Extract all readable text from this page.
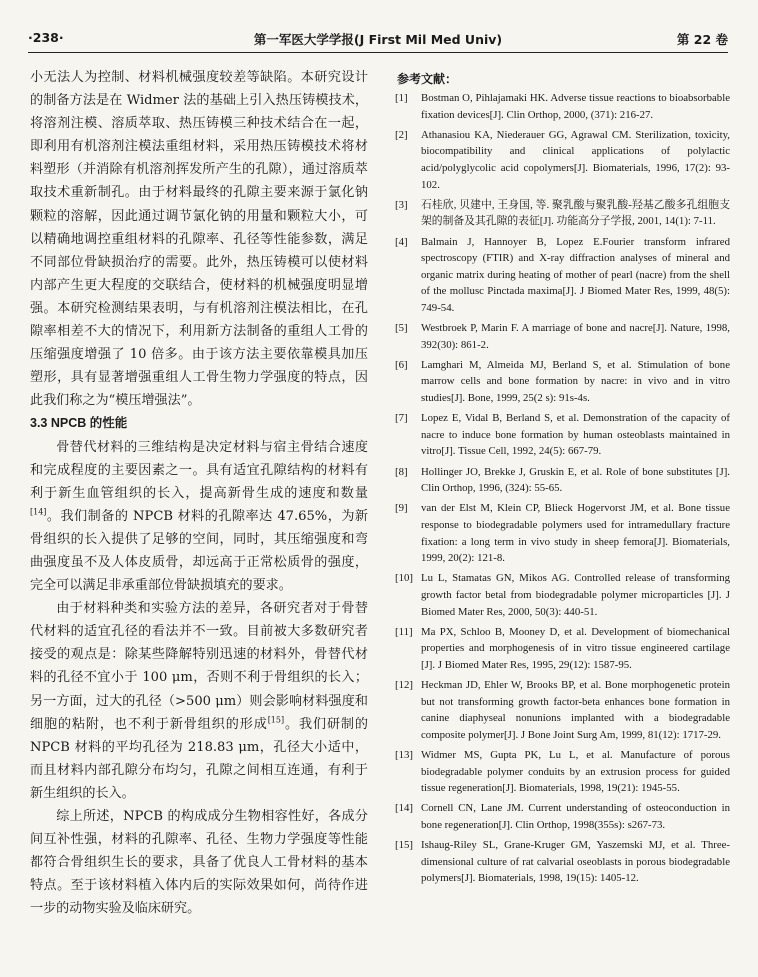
·238·	第一军医大学学报(J First Mil Med Univ)	第 22 卷

小无法人为控制、材料机械强度较差等缺陷。本研究设计的制备方法是在 Widmer 法的基础上引入热压铸模技术，将溶剂注模、溶质萃取、热压铸模三种技术结合在一起，即利用有机溶剂注模法重组材料，采用热压铸模技术将材料塑形（并消除有机溶剂挥发所产生的孔隙），通过溶质萃取技术重新制孔。由于材料最终的孔隙主要来源于氯化钠颗粒的溶解，因此通过调节氯化钠的用量和颗粒大小，可以精确地调控重组材料的孔隙率、孔径等性能参数，满足不同部位骨缺损治疗的需要。此外，热压铸模可以使材料内部产生更大程度的交联结合，使材料的机械强度明显增强。本研究检测结果表明，与有机溶剂注模法相比，在孔隙率相差不大的情况下，利用新方法制备的重组人工骨的压缩强度增强了 10 倍多。由于该方法主要依靠模具加压塑形，具有显著增强重组人工骨生物力学强度的特点，因此我们称之为“模压增强法”。

3.3 NPCB 的性能

骨替代材料的三维结构是决定材料与宿主骨结合速度和完成程度的主要因素之一。具有适宜孔隙结构的材料有利于新生血管组织的长入，提高新骨生成的速度和数量[14]。我们制备的 NPCB 材料的孔隙率达 47.65%，为新骨组织的长入提供了足够的空间，同时，其压缩强度和弯曲强度虽不及人体皮质骨，却远高于正常松质骨的强度，完全可以满足非承重部位骨缺损填充的要求。

由于材料种类和实验方法的差异，各研究者对于骨替代材料的适宜孔径的看法并不一致。目前被大多数研究者接受的观点是：除某些降解特别迅速的材料外，骨替代材料的孔径不宜小于 100 μm，否则不利于骨组织的长入；另一方面，过大的孔径（>500 μm）则会影响材料强度和细胞的粘附，也不利于新骨组织的形成[15]。我们研制的 NPCB 材料的平均孔径为 218.83 μm，孔径大小适中，而且材料内部孔隙分布均匀，孔隙之间相互连通，有利于新生组织的长入。

综上所述，NPCB 的构成成分生物相容性好，各成分间互补性强，材料的孔隙率、孔径、生物力学强度等性能都符合骨组织生长的要求，具备了优良人工骨材料的基本特点。至于该材料植入体内后的实际效果如何，尚待作进一步的动物实验及临床研究。

参考文献：
[1]	Bostman O, Pihlajamaki HK. Adverse tissue reactions to bioabsorbable fixation devices[J]. Clin Orthop, 2000, (371): 216-27.
[2]	Athanasiou KA, Niederauer GG, Agrawal CM. Sterilization, toxicity, biocompatibility and clinical applications of polylactic acid/polyglycolic acid copolymers[J]. Biomaterials, 1996, 17(2): 93-102.
[3]	石桂欣, 贝建中, 王身国, 等. 聚乳酸与聚乳酸-羟基乙酸多孔组胞支架的制备及其孔隙的表征[J]. 功能高分子学报, 2001, 14(1): 7-11.
[4]	Balmain J, Hannoyer B, Lopez E.Fourier transform infrared spectroscopy (FTIR) and X-ray diffraction analyses of mineral and organic matrix during heating of mother of pearl (nacre) from the shell of the mollusc Pinctada maxima[J]. J Biomed Mater Res, 1999, 48(5): 749-54.
[5]	Westbroek P, Marin F. A marriage of bone and nacre[J]. Nature, 1998, 392(30): 861-2.
[6]	Lamghari M, Almeida MJ, Berland S, et al. Stimulation of bone marrow cells and bone formation by nacre: in vivo and in vitro studies[J]. Bone, 1999, 25(2 s): 91s-4s.
[7]	Lopez E, Vidal B, Berland S, et al. Demonstration of the capacity of nacre to induce bone formation by human osteoblasts maintained in vitro[J]. Tissue Cell, 1992, 24(5): 667-79.
[8]	Hollinger JO, Brekke J, Gruskin E, et al. Role of bone substitutes [J]. Clin Orthop, 1996, (324): 55-65.
[9]	van der Elst M, Klein CP, Blieck Hogervorst JM, et al. Bone tissue response to biodegradable polymers used for intramedullary fracture fixation: a long term in vivo study in sheep femora[J]. Biomaterials, 1999, 20(2): 121-8.
[10] Lu L, Stamatas GN, Mikos AG. Controlled release of transforming growth factor betal from biodegradable polymer microparticles [J]. J Biomed Mater Res, 2000, 50(3): 440-51.
[11] Ma PX, Schloo B, Mooney D, et al. Development of biomechanical properties and morphogenesis of in vitro tissue engineered cartilage [J]. J Biomed Mater Res, 1995, 29(12): 1587-95.
[12] Heckman JD, Ehler W, Brooks BP, et al. Bone morphogenetic protein but not transforming growth factor-beta enhances bone formation in canine diaphyseal nonunions implanted with a biodegradable composite polymer[J]. J Bone Joint Surg Am, 1999, 81(12): 1717-29.
[13] Widmer MS, Gupta PK, Lu L, et al. Manufacture of porous biodegradable polymer conduits by an extrusion process for guided tissue regeneration[J]. Biomaterials, 1998, 19(21): 1945-55.
[14] Cornell CN, Lane JM. Current understanding of osteoconduction in bone regeneration[J]. Clin Orthop, 1998(355s): s267-73.
[15] Ishaug-Riley SL, Grane-Kruger GM, Yaszemski MJ, et al. Three-dimensional culture of rat calvarial oseoblasts in porous biodegradable polymers[J]. Biomaterials, 1998, 19(15): 1405-12.
